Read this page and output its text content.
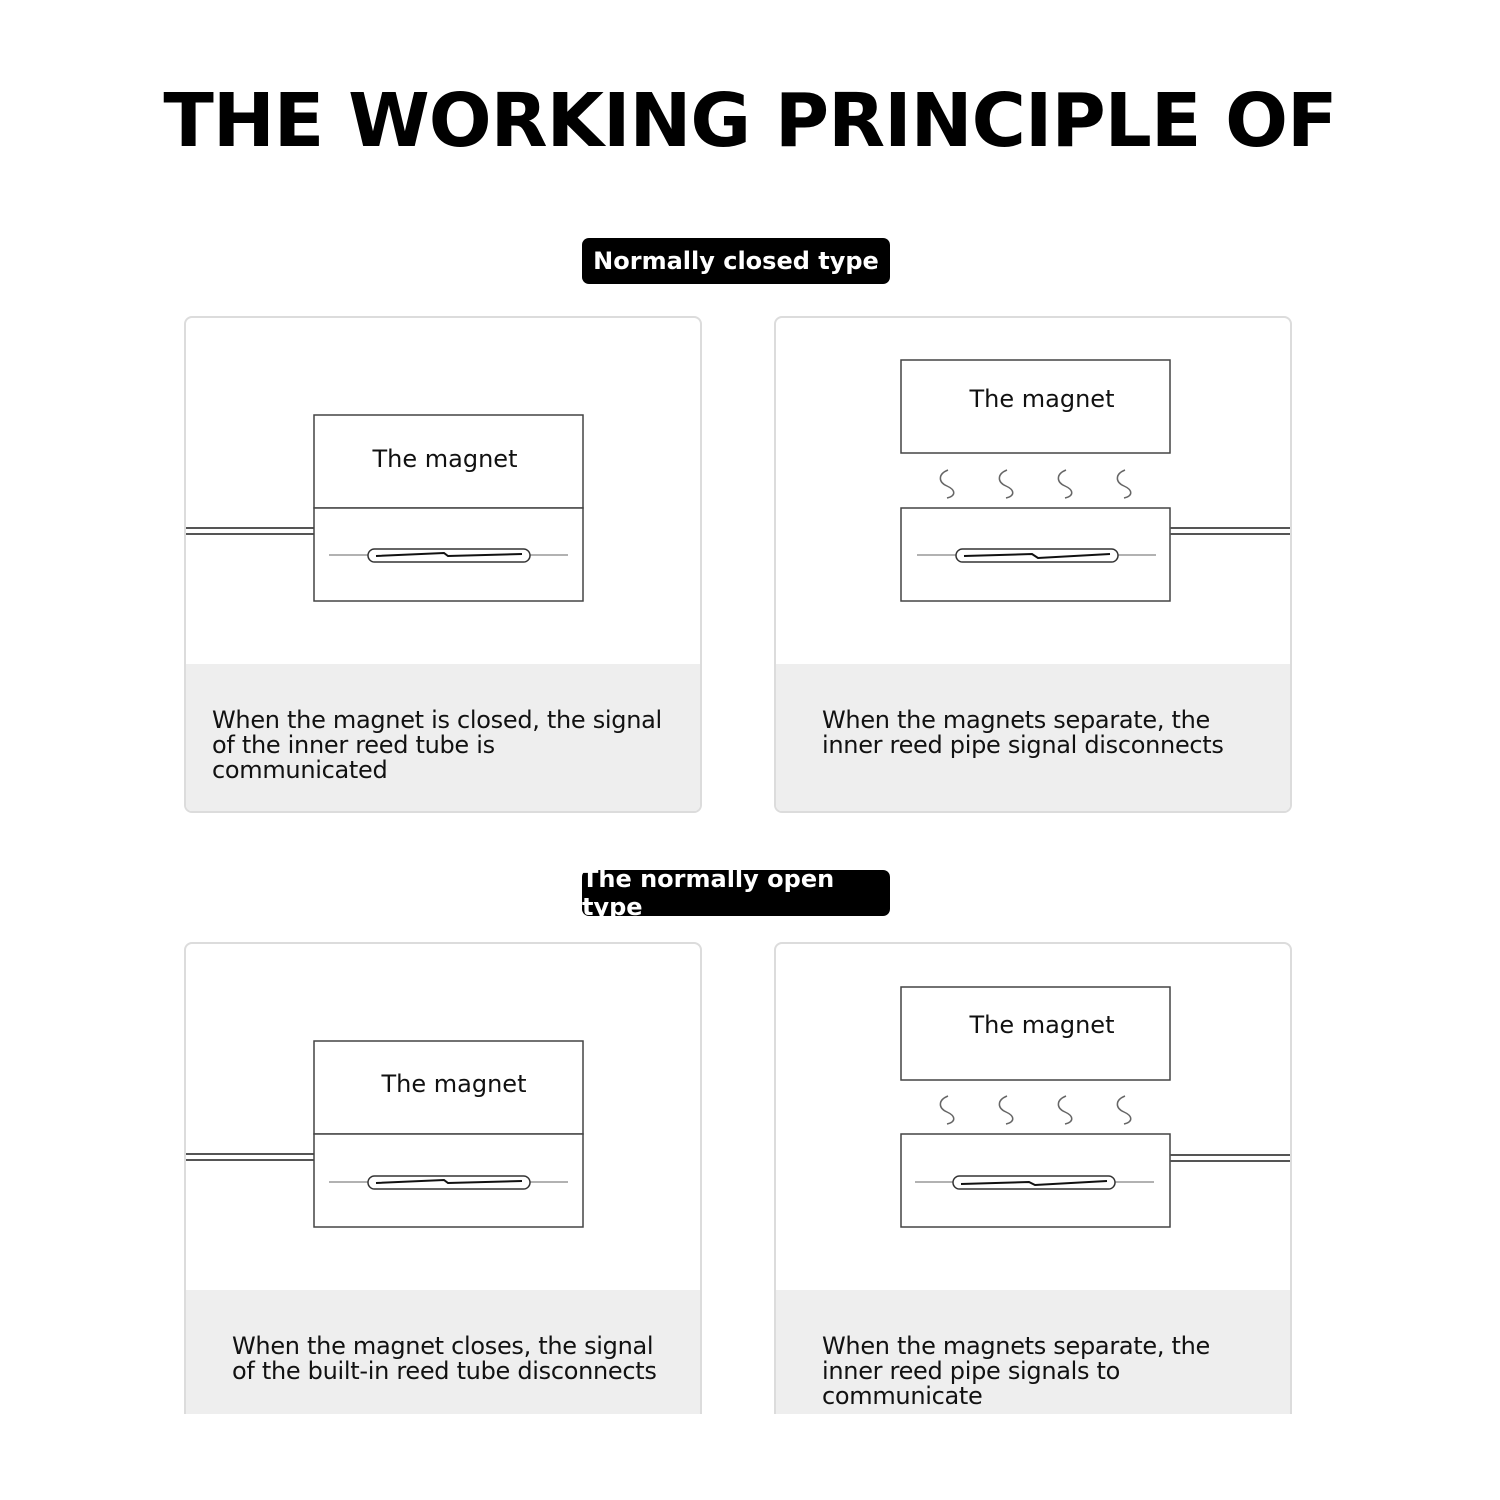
THE WORKING PRINCIPLE OF
Normally closed type
The magnet
When the magnet is closed, the signal of the inner reed tube is communicated
The magnet
When the magnets separate, the inner reed pipe signal disconnects
The normally open type
The magnet
When the magnet closes, the signal of the built-in reed tube disconnects
The magnet
When the magnets separate, the inner reed pipe signals to communicate
